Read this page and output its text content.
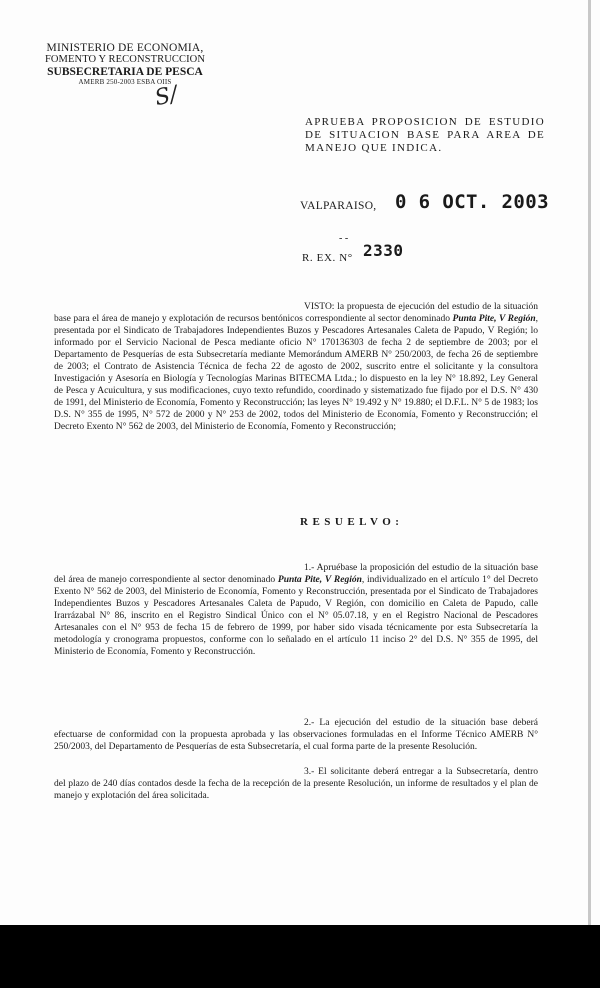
MINISTERIO DE ECONOMIA,
FOMENTO Y RECONSTRUCCION
SUBSECRETARIA DE PESCA
AMERB 250-2003 ESBA OIIS
S/
APRUEBA PROPOSICION DE ESTUDIO DE SITUACION BASE PARA AREA DE MANEJO QUE INDICA.
VALPARAISO, 0 6 OCT. 2003
- -
R. EX. N° 2330
VISTO: la propuesta de ejecución del estudio de la situación base para el área de manejo y explotación de recursos bentónicos correspondiente al sector denominado Punta Pite, V Región, presentada por el Sindicato de Trabajadores Independientes Buzos y Pescadores Artesanales Caleta de Papudo, V Región; lo informado por el Servicio Nacional de Pesca mediante oficio N° 170136303 de fecha 2 de septiembre de 2003; por el Departamento de Pesquerías de esta Subsecretaría mediante Memorándum AMERB N° 250/2003, de fecha 26 de septiembre de 2003; el Contrato de Asistencia Técnica de fecha 22 de agosto de 2002, suscrito entre el solicitante y la consultora Investigación y Asesoría en Biología y Tecnologías Marinas BITECMA Ltda.; lo dispuesto en la ley N° 18.892, Ley General de Pesca y Acuicultura, y sus modificaciones, cuyo texto refundido, coordinado y sistematizado fue fijado por el D.S. N° 430 de 1991, del Ministerio de Economía, Fomento y Reconstrucción; las leyes N° 19.492 y N° 19.880; el D.F.L. N° 5 de 1983; los D.S. N° 355 de 1995, N° 572 de 2000 y N° 253 de 2002, todos del Ministerio de Economía, Fomento y Reconstrucción; el Decreto Exento N° 562 de 2003, del Ministerio de Economía, Fomento y Reconstrucción;
RESUELVO:
1.- Apruébase la proposición del estudio de la situación base del área de manejo correspondiente al sector denominado Punta Pite, V Región, individualizado en el artículo 1° del Decreto Exento N° 562 de 2003, del Ministerio de Economía, Fomento y Reconstrucción, presentada por el Sindicato de Trabajadores Independientes Buzos y Pescadores Artesanales Caleta de Papudo, V Región, con domicilio en Caleta de Papudo, calle Irarrázabal N° 86, inscrito en el Registro Sindical Único con el N° 05.07.18, y en el Registro Nacional de Pescadores Artesanales con el N° 953 de fecha 15 de febrero de 1999, por haber sido visada técnicamente por esta Subsecretaría la metodología y cronograma propuestos, conforme con lo señalado en el artículo 11 inciso 2° del D.S. N° 355 de 1995, del Ministerio de Economía, Fomento y Reconstrucción.
2.- La ejecución del estudio de la situación base deberá efectuarse de conformidad con la propuesta aprobada y las observaciones formuladas en el Informe Técnico AMERB N° 250/2003, del Departamento de Pesquerías de esta Subsecretaría, el cual forma parte de la presente Resolución.
3.- El solicitante deberá entregar a la Subsecretaría, dentro del plazo de 240 días contados desde la fecha de la recepción de la presente Resolución, un informe de resultados y el plan de manejo y explotación del área solicitada.
